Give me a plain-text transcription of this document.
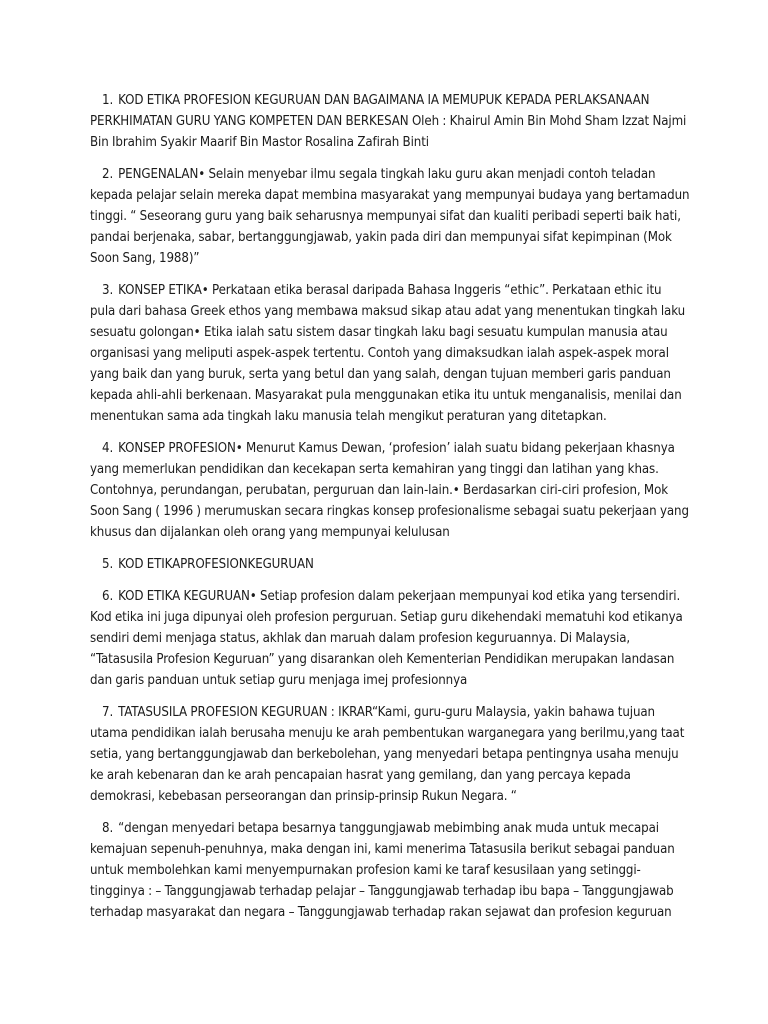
1. KOD ETIKA PROFESION KEGURUAN DAN BAGAIMANA IA MEMUPUK KEPADA PERLAKSANAAN PERKHIMATAN GURU YANG KOMPETEN DAN BERKESAN Oleh : Khairul Amin Bin Mohd Sham Izzat Najmi Bin Ibrahim Syakir Maarif Bin Mastor Rosalina Zafirah Binti

2. PENGENALAN• Selain menyebar ilmu segala tingkah laku guru akan menjadi contoh teladan kepada pelajar selain mereka dapat membina masyarakat yang mempunyai budaya yang bertamadun tinggi. “ Seseorang guru yang baik seharusnya mempunyai sifat dan kualiti peribadi seperti baik hati, pandai berjenaka, sabar, bertanggungjawab, yakin pada diri dan mempunyai sifat kepimpinan (Mok Soon Sang, 1988)”

3. KONSEP ETIKA• Perkataan etika berasal daripada Bahasa Inggeris “ethic”. Perkataan ethic itu pula dari bahasa Greek ethos yang membawa maksud sikap atau adat yang menentukan tingkah laku sesuatu golongan• Etika ialah satu sistem dasar tingkah laku bagi sesuatu kumpulan manusia atau organisasi yang meliputi aspek-aspek tertentu. Contoh yang dimaksudkan ialah aspek-aspek moral yang baik dan yang buruk, serta yang betul dan yang salah, dengan tujuan memberi garis panduan kepada ahli-ahli berkenaan. Masyarakat pula menggunakan etika itu untuk menganalisis, menilai dan menentukan sama ada tingkah laku manusia telah mengikut peraturan yang ditetapkan.

4. KONSEP PROFESION• Menurut Kamus Dewan, ‘profesion’ ialah suatu bidang pekerjaan khasnya yang memerlukan pendidikan dan kecekapan serta kemahiran yang tinggi dan latihan yang khas. Contohnya, perundangan, perubatan, perguruan dan lain-lain.• Berdasarkan ciri-ciri profesion, Mok Soon Sang ( 1996 ) merumuskan secara ringkas konsep profesionalisme sebagai suatu pekerjaan yang khusus dan dijalankan oleh orang yang mempunyai kelulusan

5. KOD ETIKAPROFESIONKEGURUAN

6. KOD ETIKA KEGURUAN• Setiap profesion dalam pekerjaan mempunyai kod etika yang tersendiri. Kod etika ini juga dipunyai oleh profesion perguruan. Setiap guru dikehendaki mematuhi kod etikanya sendiri demi menjaga status, akhlak dan maruah dalam profesion keguruannya. Di Malaysia, “Tatasusila Profesion Keguruan” yang disarankan oleh Kementerian Pendidikan merupakan landasan dan garis panduan untuk setiap guru menjaga imej profesionnya

7. TATASUSILA PROFESION KEGURUAN : IKRAR“Kami, guru-guru Malaysia, yakin bahawa tujuan utama pendidikan ialah berusaha menuju ke arah pembentukan warganegara yang berilmu,yang taat setia, yang bertanggungjawab dan berkebolehan, yang menyedari betapa pentingnya usaha menuju ke arah kebenaran dan ke arah pencapaian hasrat yang gemilang, dan yang percaya kepada demokrasi, kebebasan perseorangan dan prinsip-prinsip Rukun Negara. “

8. “dengan menyedari betapa besarnya tanggungjawab mebimbing anak muda untuk mecapai kemajuan sepenuh-penuhnya, maka dengan ini, kami menerima Tatasusila berikut sebagai panduan untuk membolehkan kami menyempurnakan profesion kami ke taraf kesusilaan yang setinggi-tingginya : – Tanggungjawab terhadap pelajar – Tanggungjawab terhadap ibu bapa – Tanggungjawab terhadap masyarakat dan negara – Tanggungjawab terhadap rakan sejawat dan profesion keguruan
